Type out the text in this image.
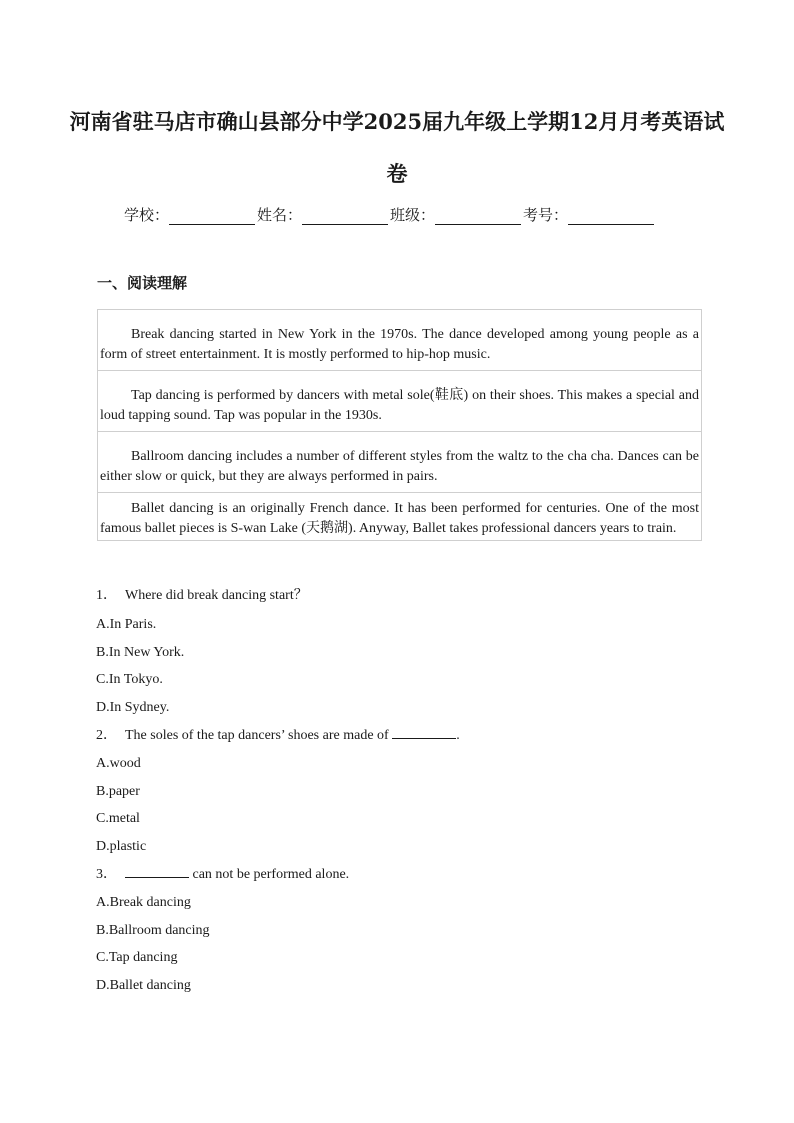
河南省驻马店市确山县部分中学2025届九年级上学期12月月考英语试
卷
学校：	姓名：	班级：	考号：
一、阅读理解
Break dancing started in New York in the 1970s. The dance developed among young people as a form of street entertainment. It is mostly performed to hip-hop music.
Tap dancing is performed by dancers with metal sole(鞋底) on their shoes. This makes a special and loud tapping sound. Tap was popular in the 1930s.
Ballroom dancing includes a number of different styles from the waltz to the cha cha. Dances can be either slow or quick, but they are always performed in pairs.
Ballet dancing is an originally French dance. It has been performed for centuries. One of the most famous ballet pieces is S-wan Lake (天鹅湖). Anyway, Ballet takes professional dancers years to train.
1． Where did break dancing start？
A.In Paris.
B.In New York.
C.In Tokyo.
D.In Sydney.
2． The soles of the tap dancers’ shoes are made of	.
A.wood
B.paper
C.metal
D.plastic
3．	can not be performed alone.
A.Break dancing
B.Ballroom dancing
C.Tap dancing
D.Ballet dancing
